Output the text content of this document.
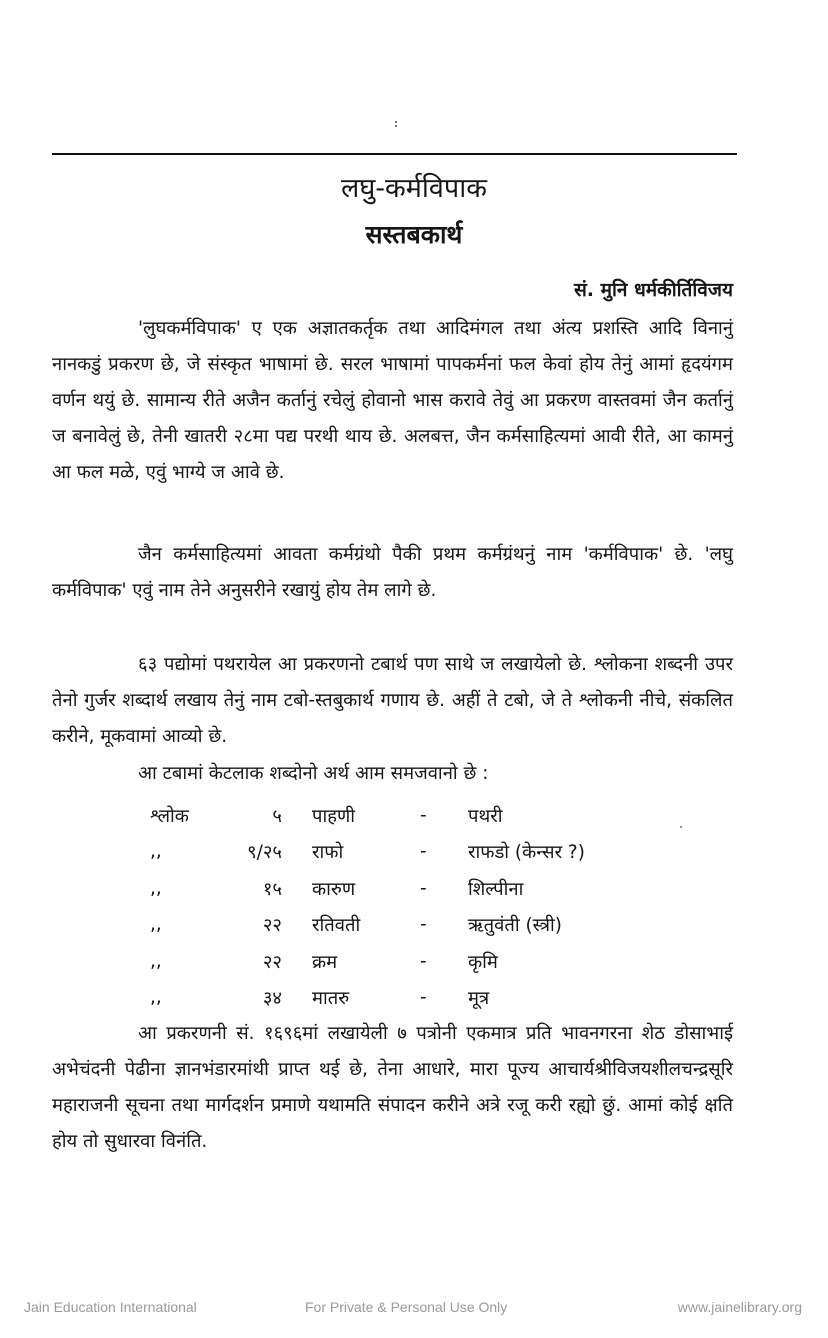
लघु-कर्मविपाक
सस्तबकार्थ
सं. मुनि धर्मकीर्तिविजय

'लुघकर्मविपाक' ए एक अज्ञातकर्तृक तथा आदिमंगल तथा अंत्य प्रशस्ति आदि विनानुं नानकडुं प्रकरण छे, जे संस्कृत भाषामां छे. सरल भाषामां पापकर्मनां फल केवां होय तेनुं आमां हृदयंगम वर्णन थयुं छे. सामान्य रीते अजैन कर्तानुं रचेलुं होवानो भास करावे तेवुं आ प्रकरण वास्तवमां जैन कर्तानुं ज बनावेलुं छे, तेनी खातरी २८मा पद्य परथी थाय छे. अलबत्त, जैन कर्मसाहित्यमां आवी रीते, आ कामनुं आ फल मळे, एवुं भाग्ये ज आवे छे.

जैन कर्मसाहित्यमां आवता कर्मग्रंथो पैकी प्रथम कर्मग्रंथनुं नाम 'कर्मविपाक' छे. 'लघु कर्मविपाक' एवुं नाम तेने अनुसरीने रखायुं होय तेम लागे छे.

६३ पद्योमां पथरायेल आ प्रकरणनो टबार्थ पण साथे ज लखायेलो छे. श्लोकना शब्दनी उपर तेनो गुर्जर शब्दार्थ लखाय तेनुं नाम टबो-स्तबुकार्थ गणाय छे. अहीं ते टबो, जे ते श्लोकनी नीचे, संकलित करीने, मूकवामां आव्यो छे.

आ टबामां केटलाक शब्दोनो अर्थ आम समजवानो छे :

श्लोक	५	पाहणी	-	पथरी
,,	९/२५	राफो	-	राफडो (केन्सर ?)
,,	१५	कारुण	-	शिल्पीना
,,	२२	रतिवती	-	ऋतुवंती (स्त्री)
,,	२२	क्रम	-	कृमि
,,	३४	मातरु	-	मूत्र

आ प्रकरणनी सं. १६९६मां लखायेली ७ पत्रोनी एकमात्र प्रति भावनगरना शेठ डोसाभाई अभेचंदनी पेढीना ज्ञानभंडारमांथी प्राप्त थई छे, तेना आधारे, मारा पूज्य आचार्यश्रीविजयशीलचन्द्रसूरि महाराजनी सूचना तथा मार्गदर्शन प्रमाणे यथामति संपादन करीने अत्रे रजू करी रह्यो छुं. आमां कोई क्षति होय तो सुधारवा विनंति.

Jain Education International	For Private & Personal Use Only	www.jainelibrary.org
